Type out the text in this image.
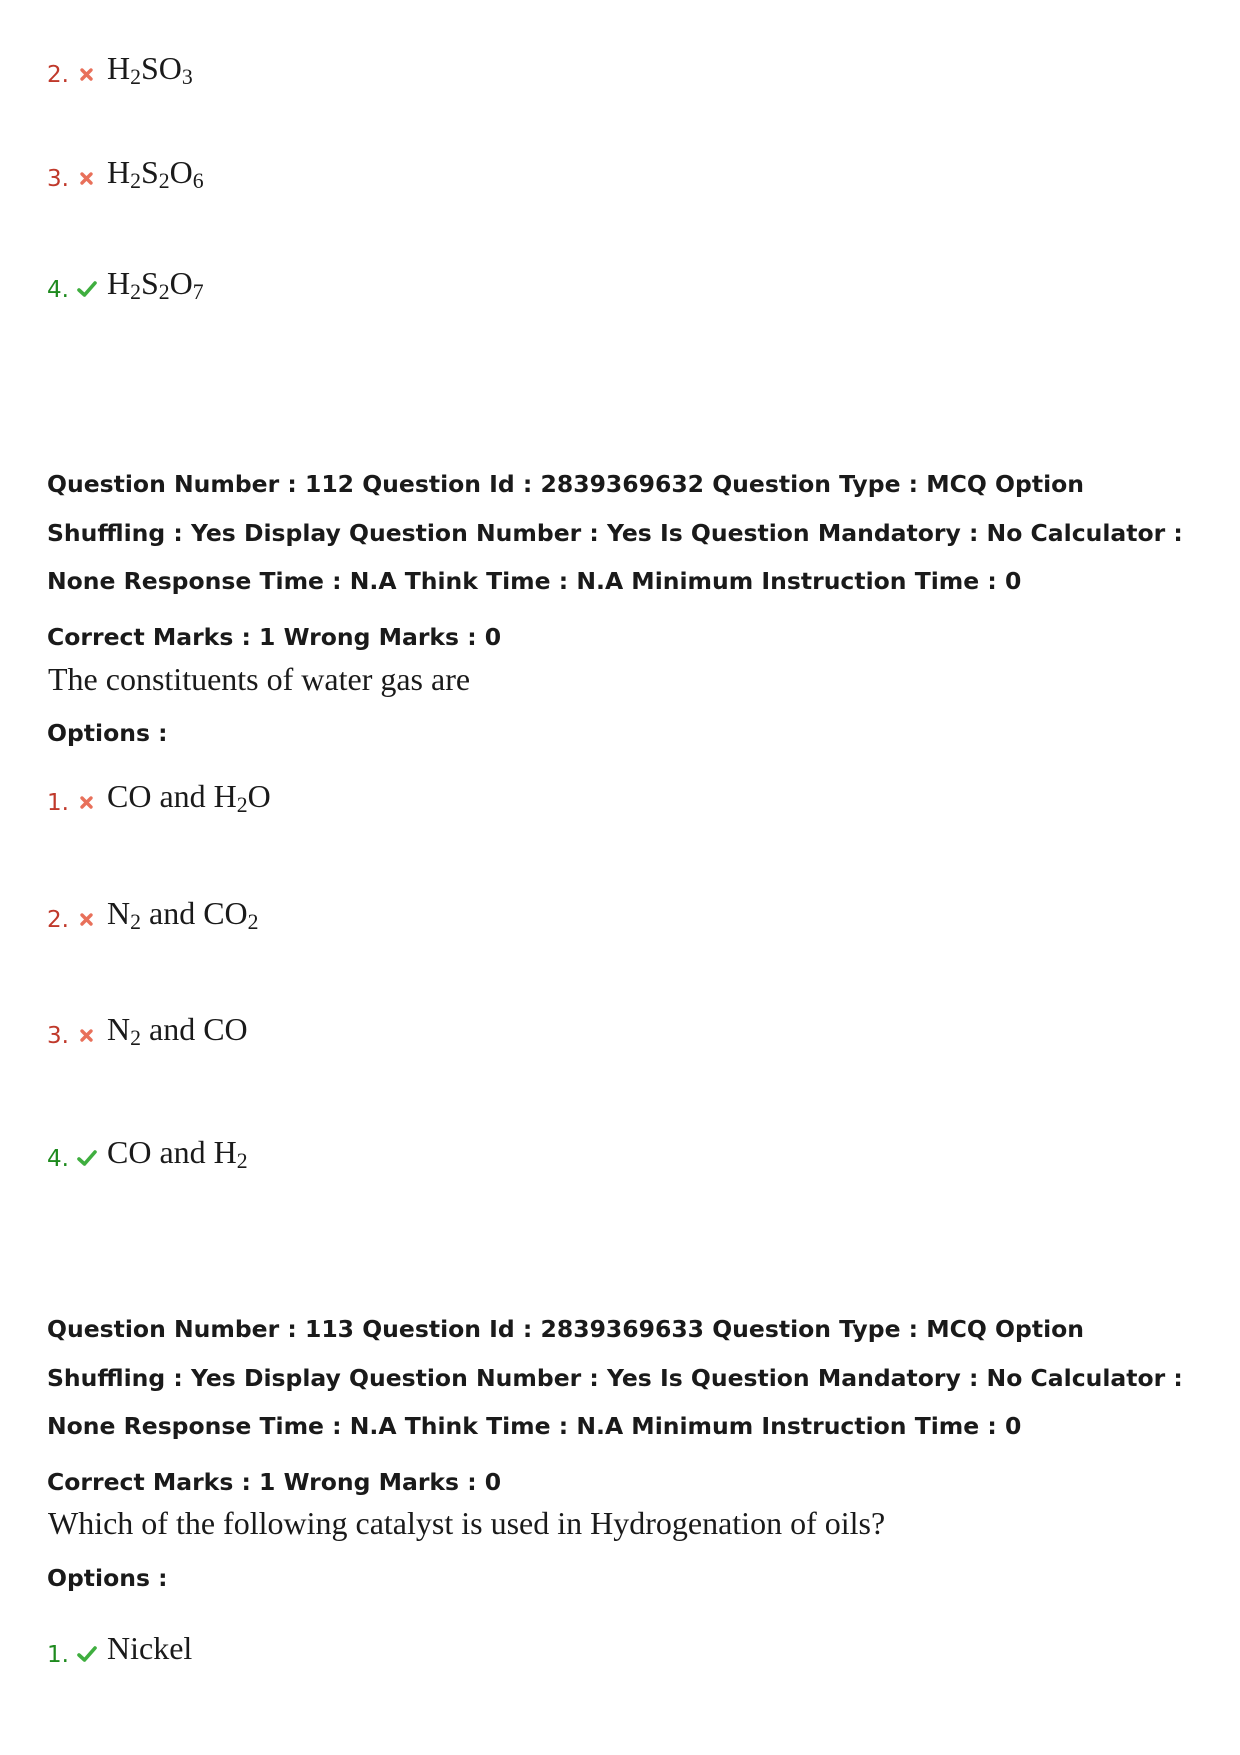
2. $H_2SO_3$
3. $H_2S_2O_6$
4. $H_2S_2O_7$
Question Number : 112 Question Id : 2839369632 Question Type : MCQ Option Shuffling : Yes Display Question Number : Yes Is Question Mandatory : No Calculator : None Response Time : N.A Think Time : N.A Minimum Instruction Time : 0
Correct Marks : 1 Wrong Marks : 0
The constituents of water gas are
Options :
1. CO and $H_2O$
2. $N_2$ and $CO_2$
3. $N_2$ and CO
4. CO and $H_2$
Question Number : 113 Question Id : 2839369633 Question Type : MCQ Option Shuffling : Yes Display Question Number : Yes Is Question Mandatory : No Calculator : None Response Time : N.A Think Time : N.A Minimum Instruction Time : 0
Correct Marks : 1 Wrong Marks : 0
Which of the following catalyst is used in Hydrogenation of oils?
Options :
1. Nickel
